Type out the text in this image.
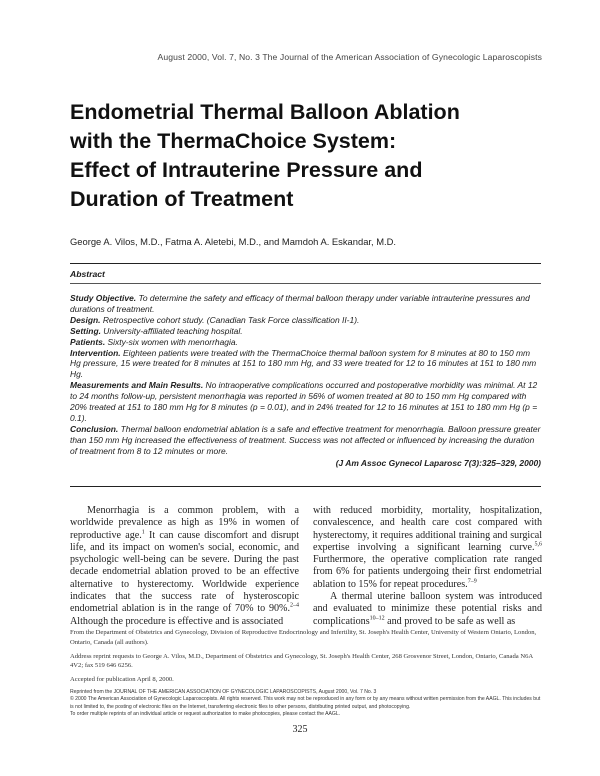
August 2000, Vol. 7, No. 3 The Journal of the American Association of Gynecologic Laparoscopists
Endometrial Thermal Balloon Ablation
with the ThermaChoice System:
Effect of Intrauterine Pressure and
Duration of Treatment
George A. Vilos, M.D., Fatma A. Aletebi, M.D., and Mamdoh A. Eskandar, M.D.
Abstract

Study Objective. To determine the safety and efficacy of thermal balloon therapy under variable intrauterine pressures and durations of treatment.

Design. Retrospective cohort study. (Canadian Task Force classification II-1).

Setting. University-affiliated teaching hospital.

Patients. Sixty-six women with menorrhagia.

Intervention. Eighteen patients were treated with the ThermaChoice thermal balloon system for 8 minutes at 80 to 150 mm Hg pressure, 15 were treated for 8 minutes at 151 to 180 mm Hg, and 33 were treated for 12 to 16 minutes at 151 to 180 mm Hg.

Measurements and Main Results. No intraoperative complications occurred and postoperative morbidity was minimal. At 12 to 24 months follow-up, persistent menorrhagia was reported in 56% of women treated at 80 to 150 mm Hg compared with 20% treated at 151 to 180 mm Hg for 8 minutes (p = 0.01), and in 24% treated for 12 to 16 minutes at 151 to 180 mm Hg (p = 0.1).

Conclusion. Thermal balloon endometrial ablation is a safe and effective treatment for menorrhagia. Balloon pressure greater than 150 mm Hg increased the effectiveness of treatment. Success was not affected or influenced by increasing the duration of treatment from 8 to 12 minutes or more.

(J Am Assoc Gynecol Laparosc 7(3):325–329, 2000)

Menorrhagia is a common problem, with a worldwide prevalence as high as 19% in women of reproductive age.$^1$ It can cause discomfort and disrupt life, and its impact on women's social, economic, and psychologic well-being can be severe. During the past decade endometrial ablation proved to be an effective alternative to hysterectomy. Worldwide experience indicates that the success rate of hysteroscopic endometrial ablation is in the range of 70% to 90%.$^{2-4}$ Although the procedure is effective and is associated

with reduced morbidity, mortality, hospitalization, convalescence, and health care cost compared with hysterectomy, it requires additional training and surgical expertise involving a significant learning curve.$^{5,6}$ Furthermore, the operative complication rate ranged from 6% for patients undergoing their first endometrial ablation to 15% for repeat procedures.$^{7-9}$

A thermal uterine balloon system was introduced and evaluated to minimize these potential risks and complications$^{10-12}$ and proved to be safe as well as

From the Department of Obstetrics and Gynecology, Division of Reproductive Endocrinology and Infertility, St. Joseph's Health Center, University of Western Ontario, London, Ontario, Canada (all authors).

Address reprint requests to George A. Vilos, M.D., Department of Obstetrics and Gynecology, St. Joseph's Health Center, 268 Grosvenor Street, London, Ontario, Canada N6A 4V2; fax 519 646 6256.

Accepted for publication April 8, 2000.

Reprinted from the JOURNAL OF THE AMERICAN ASSOCIATION OF GYNECOLOGIC LAPAROSCOPISTS, August 2000, Vol. 7 No. 3

© 2000 The American Association of Gynecologic Laparoscopists. All rights reserved. This work may not be reproduced in any form or by any means without written permission from the AAGL. This includes but is not limited to, the posting of electronic files on the Internet, transferring electronic files to other persons, distributing printed output, and photocopying.

To order multiple reprints of an individual article or request authorization to make photocopies, please contact the AAGL.

325
